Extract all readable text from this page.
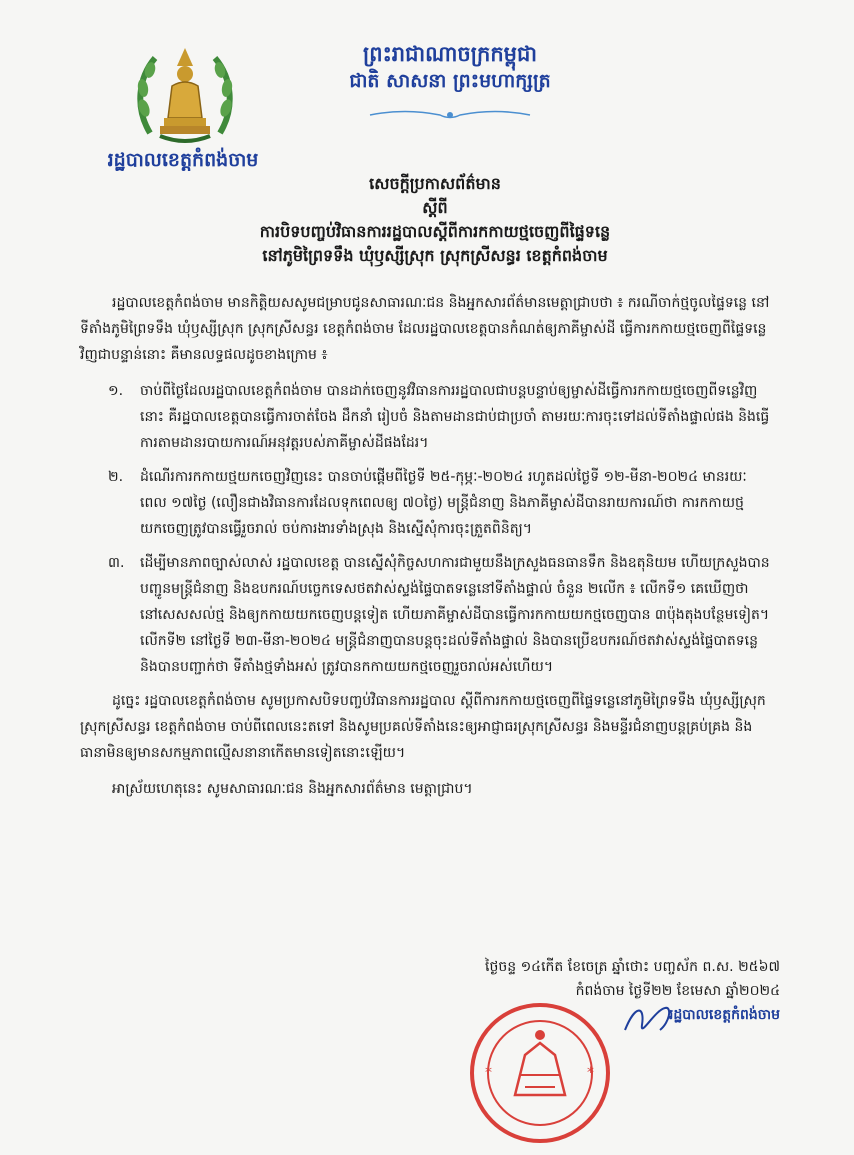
រដ្ឋបាលខេត្តកំពង់ចាម
ព្រះរាជាណាចក្រកម្ពុជា
ជាតិ សាសនា ព្រះមហាក្សត្រ
សេចក្តីប្រកាសព័ត៌មាន
ស្តីពី
ការបិទបញ្ចប់វិធានការរដ្ឋបាលស្តីពីការកកាយថ្មចេញពីផ្ទៃទន្លេ
នៅភូមិព្រៃទទឹង ឃុំឫស្សីស្រុក ស្រុកស្រីសន្ធរ ខេត្តកំពង់ចាម

រដ្ឋបាលខេត្តកំពង់ចាម មានកិត្តិយសសូមជម្រាបជូនសាធារណៈជន និងអ្នកសារព័ត៌មានមេត្តាជ្រាបថា ៖ ករណីចាក់ថ្មចូលផ្ទៃទន្លេ នៅទីតាំងភូមិព្រៃទទឹង ឃុំឫស្សីស្រុក ស្រុកស្រីសន្ធរ ខេត្តកំពង់ចាម ដែលរដ្ឋបាលខេត្តបានកំណត់ឲ្យភាគីម្ចាស់ដី ធ្វើការកកាយថ្មចេញពីផ្ទៃទន្លេវិញជាបន្ទាន់នោះ គឺមានលទ្ធផលដូចខាងក្រោម ៖

១. ចាប់ពីថ្ងៃដែលរដ្ឋបាលខេត្តកំពង់ចាម បានដាក់ចេញនូវវិធានការរដ្ឋបាលជាបន្តបន្ទាប់ឲ្យម្ចាស់ដីធ្វើការកកាយថ្មចេញពីទន្លេវិញនោះ គឺរដ្ឋបាលខេត្តបានធ្វើការចាត់ចែង ដឹកនាំ រៀបចំ និងតាមដានជាប់ជាប្រចាំ តាមរយៈការចុះទៅដល់ទីតាំងផ្ទាល់ផង និងធ្វើការតាមដានរបាយការណ៍អនុវត្តរបស់ភាគីម្ចាស់ដីផងដែរ។
២. ដំណើរការកកាយថ្មយកចេញវិញនេះ បានចាប់ផ្តើមពីថ្ងៃទី ២៥-កុម្ភៈ-២០២៤ រហូតដល់ថ្ងៃទី ១២-មីនា-២០២៤ មានរយៈពេល ១៧ថ្ងៃ (លឿនជាងវិធានការដែលទុកពេលឲ្យ ៧០ថ្ងៃ) មន្ត្រីជំនាញ និងភាគីម្ចាស់ដីបានរាយការណ៍ថា ការកកាយថ្មយកចេញត្រូវបានធ្វើរួចរាល់ ចប់ការងារទាំងស្រុង និងស្នើសុំការចុះត្រួតពិនិត្យ។
៣. ដើម្បីមានភាពច្បាស់លាស់ រដ្ឋបាលខេត្ត បានស្នើសុំកិច្ចសហការជាមួយនឹងក្រសួងធនធានទឹក និងឧតុនិយម ហើយក្រសួងបានបញ្ជូនមន្ត្រីជំនាញ និងឧបករណ៍បច្ចេកទេសថតវាស់ស្ទង់ផ្ទៃបាតទន្លេនៅទីតាំងផ្ទាល់ ចំនួន ២លើក ៖ លើកទី១ គេឃើញថានៅសេសសល់ថ្ម និងឲ្យកកាយយកចេញបន្តទៀត ហើយភាគីម្ចាស់ដីបានធ្វើការកកាយយកថ្មចេញបាន ៣ប៉ុងតុងបន្ថែមទៀត។ លើកទី២ នៅថ្ងៃទី ២៣-មីនា-២០២៤ មន្ត្រីជំនាញបានបន្តចុះដល់ទីតាំងផ្ទាល់ និងបានប្រើឧបករណ៍ថតវាស់ស្ទង់ផ្ទៃបាតទន្លេ និងបានបញ្ជាក់ថា ទីតាំងថ្មទាំងអស់ ត្រូវបានកកាយយកថ្មចេញរួចរាល់អស់ហើយ។

ដូច្នេះ រដ្ឋបាលខេត្តកំពង់ចាម សូមប្រកាសបិទបញ្ចប់វិធានការរដ្ឋបាល ស្តីពីការកកាយថ្មចេញពីផ្ទៃទន្លេនៅភូមិព្រៃទទឹង ឃុំឫស្សីស្រុក ស្រុកស្រីសន្ធរ ខេត្តកំពង់ចាម ចាប់ពីពេលនេះតទៅ និងសូមប្រគល់ទីតាំងនេះឲ្យអាជ្ញាធរស្រុកស្រីសន្ធរ និងមន្ទីរជំនាញបន្តគ្រប់គ្រង និងធានាមិនឲ្យមានសកម្មភាពល្មើសនានាកើតមានទៀតនោះឡើយ។

អាស្រ័យហេតុនេះ សូមសាធារណៈជន និងអ្នកសារព័ត៌មាន មេត្តាជ្រាប។

ថ្ងៃចន្ទ ១៤កើត ខែចេត្រ ឆ្នាំថោះ បញ្ចស័ក ព.ស. ២៥៦៧
កំពង់ចាម ថ្ងៃទី២២ ខែមេសា ឆ្នាំ២០២៤
រដ្ឋបាលខេត្តកំពង់ចាម
*	*
